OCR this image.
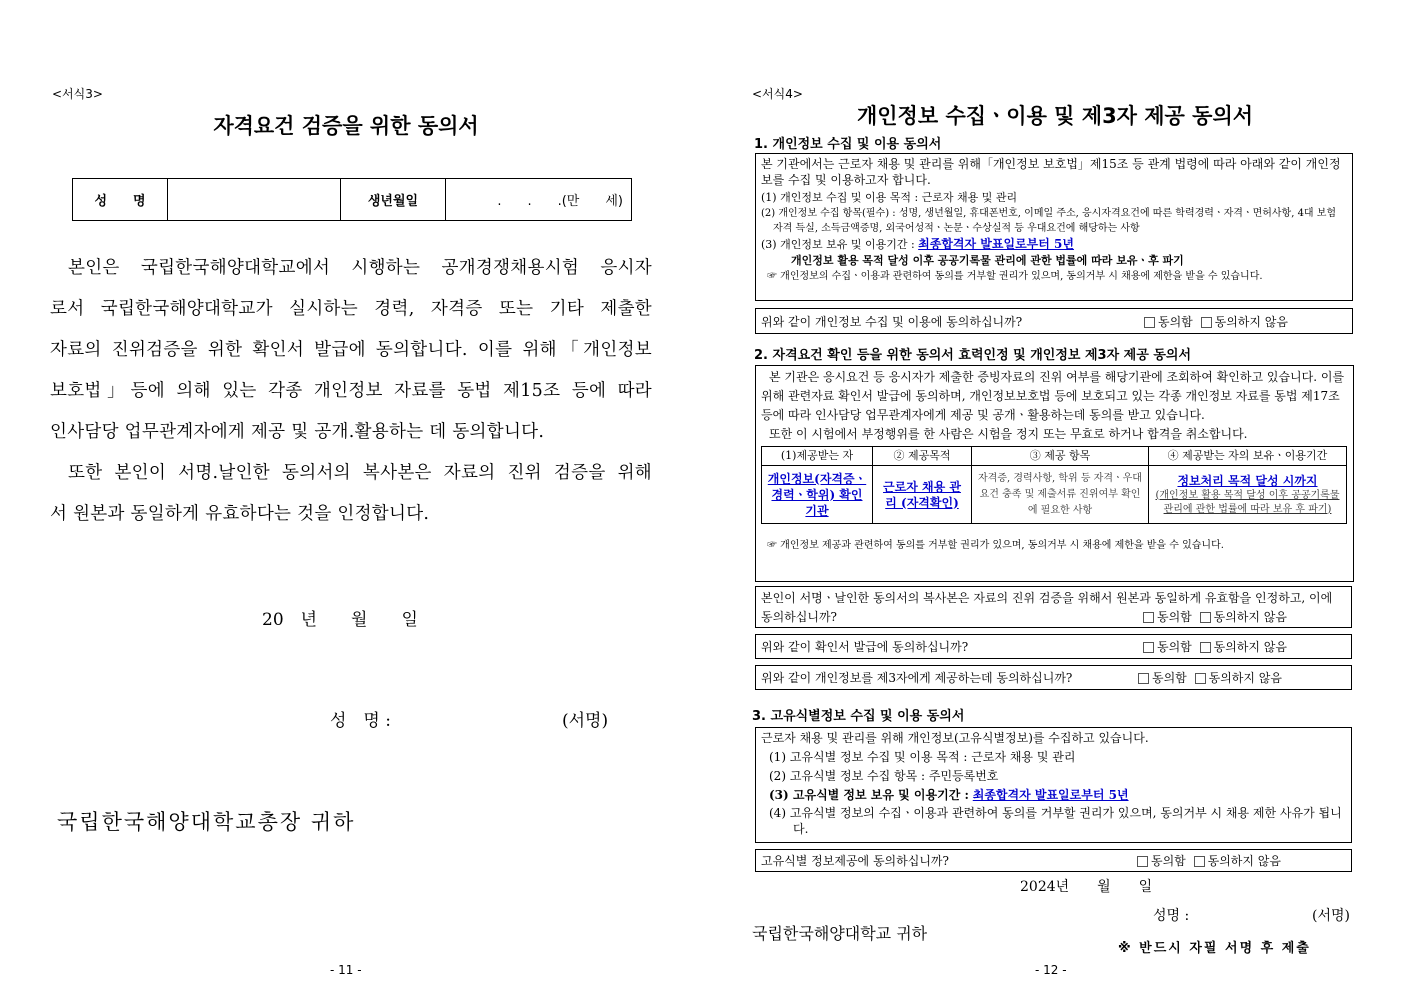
<서식3>
자격요건 검증을 위한 동의서
성　　명		생년월일	.　　.　　.(만　　세)
본인은 국립한국해양대학교에서 시행하는 공개경쟁채용시험 응시자
로서 국립한국해양대학교가 실시하는 경력, 자격증 또는 기타 제출한
자료의 진위검증을 위한 확인서 발급에 동의합니다. 이를 위해「개인정보
보호법」등에 의해 있는 각종 개인정보 자료를 동법 제15조 등에 따라
인사담당 업무관계자에게 제공 및 공개.활용하는 데 동의합니다.
또한 본인이 서명.날인한 동의서의 복사본은 자료의 진위 검증을 위해
서 원본과 동일하게 유효하다는 것을 인정합니다.
20　년　　월　　일
성　명 :	(서명)
국립한국해양대학교총장 귀하
- 11 -
<서식4>
개인정보 수집ㆍ이용 및 제3자 제공 동의서
1. 개인정보 수집 및 이용 동의서
본 기관에서는 근로자 채용 및 관리를 위해「개인정보 보호법」제15조 등 관계 법령에 따라 아래와 같이 개인정보를 수집 및 이용하고자 합니다.
(1) 개인정보 수집 및 이용 목적 : 근로자 채용 및 관리
(2) 개인정보 수집 항목(필수) : 성명, 생년월일, 휴대폰번호, 이메일 주소, 응시자격요건에 따른 학력경력ㆍ자격ㆍ면허사항, 4대 보험 자격 득실, 소득금액증명, 외국어성적ㆍ논문ㆍ수상실적 등 우대요건에 해당하는 사항
(3) 개인정보 보유 및 이용기간 : 최종합격자 발표일로부터 5년
개인정보 활용 목적 달성 이후 공공기록물 관리에 관한 법률에 따라 보유ㆍ후 파기
☞ 개인정보의 수집ㆍ이용과 관련하여 동의를 거부할 권리가 있으며, 동의거부 시 채용에 제한을 받을 수 있습니다.
위와 같이 개인정보 수집 및 이용에 동의하십니까?	동의함 동의하지 않음
2. 자격요건 확인 등을 위한 동의서 효력인정 및 개인정보 제3자 제공 동의서
본 기관은 응시요건 등 응시자가 제출한 증빙자료의 진위 여부를 해당기관에 조회하여 확인하고 있습니다. 이를 위해 관련자료 확인서 발급에 동의하며, 개인정보보호법 등에 보호되고 있는 각종 개인정보 자료를 동법 제17조 등에 따라 인사담당 업무관계자에게 제공 및 공개ㆍ활용하는데 동의를 받고 있습니다.
또한 이 시험에서 부정행위를 한 사람은 시험을 정지 또는 무효로 하거나 합격을 취소합니다.
(1)제공받는 자	② 제공목적	③ 제공 항목	④ 제공받는 자의 보유ㆍ이용기간
개인정보(자격증ㆍ경력ㆍ학위) 확인기관	근로자 채용 관리 (자격확인)	자격증, 경력사항, 학위 등 자격ㆍ우대요건 충족 및 제출서류 진위여부 확인에 필요한 사항	정보처리 목적 달성 시까지
(개인정보 활용 목적 달성 이후 공공기록물 관리에 관한 법률에 따라 보유 후 파기)
☞ 개인정보 제공과 관련하여 동의를 거부할 권리가 있으며, 동의거부 시 채용에 제한을 받을 수 있습니다.
본인이 서명ㆍ날인한 동의서의 복사본은 자료의 진위 검증을 위해서 원본과 동일하게 유효함을 인정하고, 이에 동의하십니까?	동의함 동의하지 않음
위와 같이 확인서 발급에 동의하십니까?	동의함 동의하지 않음
위와 같이 개인정보를 제3자에게 제공하는데 동의하십니까?	동의함 동의하지 않음
3. 고유식별정보 수집 및 이용 동의서
근로자 채용 및 관리를 위해 개인정보(고유식별정보)를 수집하고 있습니다.
(1) 고유식별 정보 수집 및 이용 목적 : 근로자 채용 및 관리
(2) 고유식별 정보 수집 항목 : 주민등록번호
(3) 고유식별 정보 보유 및 이용기간 : 최종합격자 발표일로부터 5년
(4) 고유식별 정보의 수집ㆍ이용과 관련하여 동의를 거부할 권리가 있으며, 동의거부 시 채용 제한 사유가 됩니다.
고유식별 정보제공에 동의하십니까?	동의함 동의하지 않음
2024년　　월　　일
성명 :	(서명)
국립한국해양대학교 귀하
※ 반드시 자필 서명 후 제출
- 12 -
